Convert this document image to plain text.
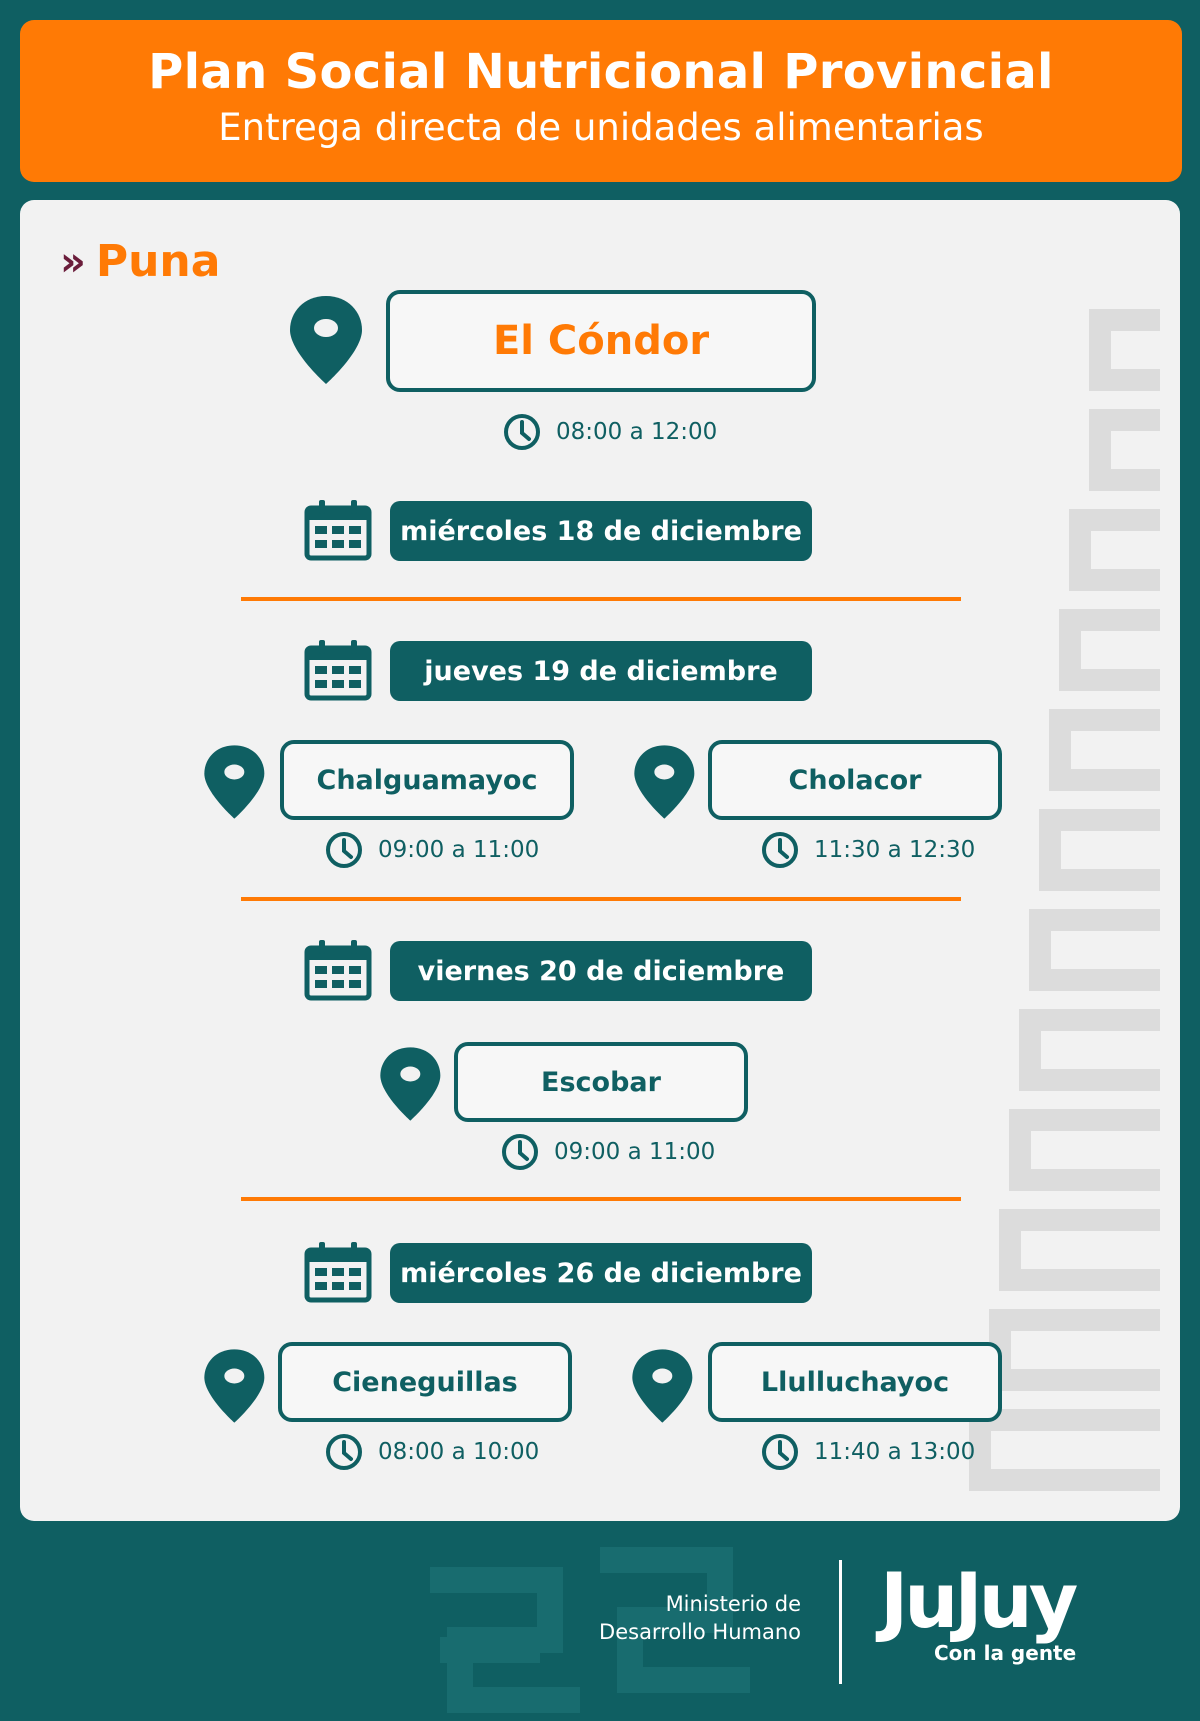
Plan Social Nutricional Provincial
Entrega directa de unidades alimentarias
» Puna
El Cóndor
08:00 a 12:00
miércoles 18 de diciembre
jueves 19 de diciembre
Chalguamayoc
09:00 a 11:00
Cholacor
11:30 a 12:30
viernes 20 de diciembre
Escobar
09:00 a 11:00
miércoles 26 de diciembre
Cieneguillas
08:00 a 10:00
Llulluchayoc
11:40 a 13:00
Ministerio de
Desarrollo Humano JuJuy
Con la gente
